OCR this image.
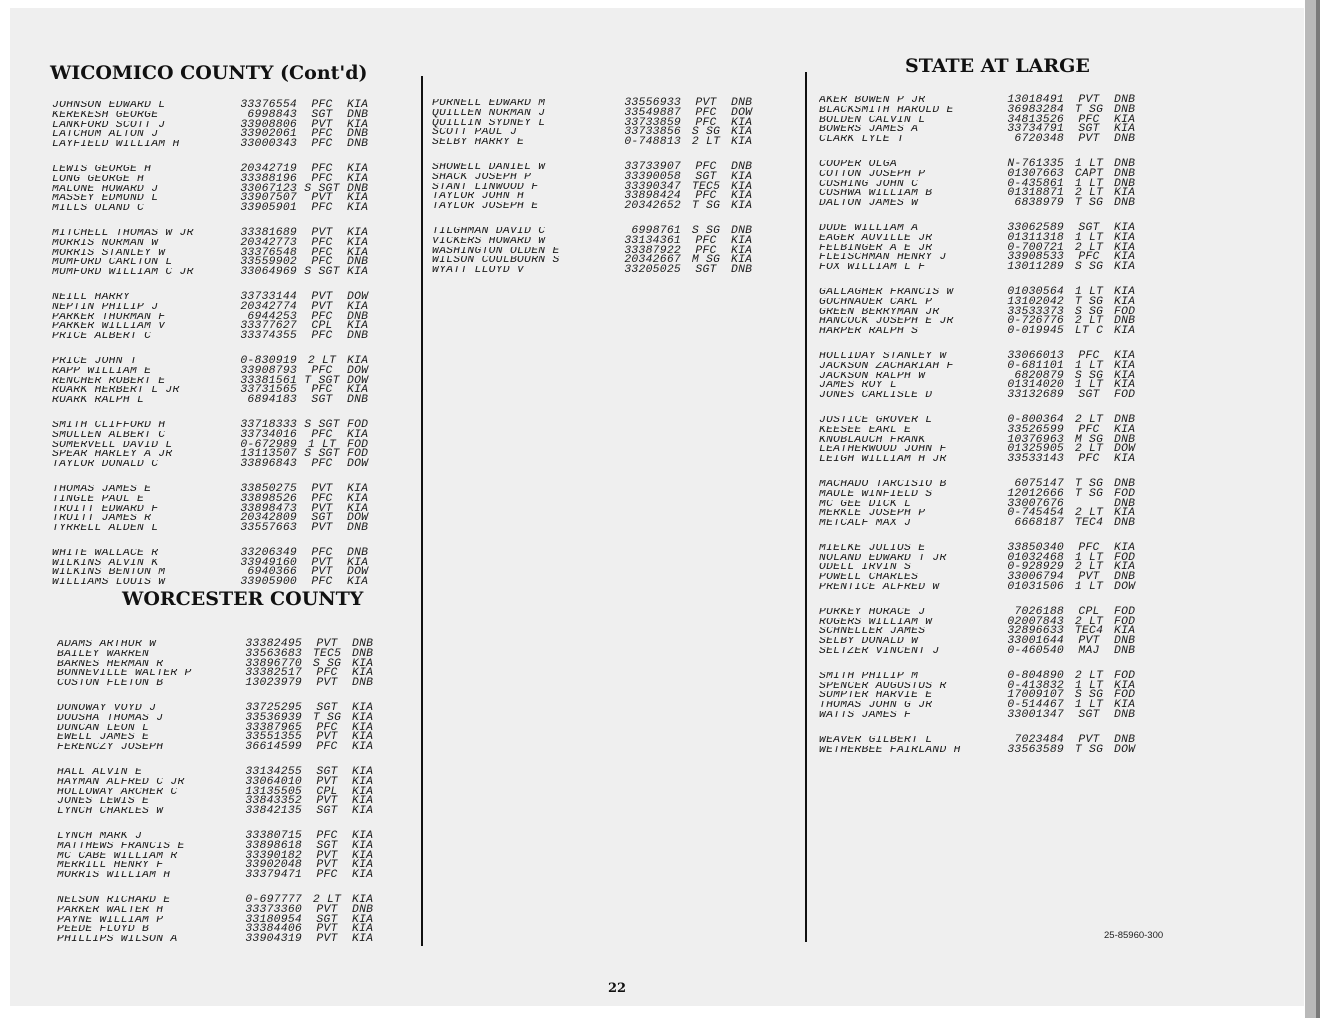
WICOMICO COUNTY (Cont'd)
JOHNSON EDWARD L	33376554	PFC	KIA
KEREKESH GEORGE	6998843	SGT	DNB
LANKFORD SCOTT J	33908806	PVT	KIA
LATCHUM ALTON J	33902061	PFC	DNB
LAYFIELD WILLIAM H	33000343	PFC	DNB
LEWIS GEORGE H	20342719	PFC	KIA
LONG GEORGE H	33388196	PFC	KIA
MALONE HOWARD J	33067123 S SGT DNB
MASSEY EDMUND L	33907507	PVT	KIA
MILLS OLAND C	33905901	PFC	KIA
MITCHELL THOMAS W JR	33381689	PVT	KIA
MORRIS NORMAN W	20342773	PFC	KIA
MORRIS STANLEY W	33376548	PFC	KIA
MUMFORD CARLTON L	33559902	PFC	DNB
MUMFORD WILLIAM C JR	33064969 S SGT KIA
NEILL HARRY	33733144	PVT	DOW
NEPTIN PHILIP J	20342774	PVT	KIA
PARKER THURMAN F	6944253	PFC	DNB
PARKER WILLIAM V	33377627	CPL	KIA
PRICE ALBERT C	33374355	PFC	DNB
PRICE JOHN T	0-830919 2 LT KIA
RAPP WILLIAM E	33908793	PFC	DOW
RENCHER ROBERT E	33381561 T SGT DOW
RUARK HERBERT L JR	33731565	PFC	KIA
RUARK RALPH L	6894183	SGT	DNB
SMITH CLIFFORD H	33718333 S SGT FOD
SMULLEN ALBERT C	33734016	PFC	KIA
SOMERVELL DAVID L	0-672989 1 LT FOD
SPEAR HARLEY A JR	13113507 S SGT FOD
TAYLOR DONALD C	33896843	PFC	DOW
THOMAS JAMES E	33850275	PVT	KIA
TINGLE PAUL E	33898526	PFC	KIA
TRUITT EDWARD F	33898473	PVT	KIA
TRUITT JAMES R	20342809	SGT	DOW
TYRRELL ALDEN L	33557663	PVT	DNB
WHITE WALLACE R	33206349	PFC	DNB
WILKINS ALVIN K	33949160	PVT	KIA
WILKINS BENTON M	6940366	PVT	DOW
WILLIAMS LOUIS W	33905900	PFC	KIA
WORCESTER COUNTY
ADAMS ARTHUR W	33382495	PVT	DNB
BAILEY WARREN	33563683 TEC5 DNB
BARNES HERMAN R	33896770 S SG KIA
BONNEVILLE WALTER P	33382517	PFC	KIA
COSTON FLETON B	13023979	PVT	DNB
DONOWAY VOYD J	33725295	SGT	KIA
DOUSHA THOMAS J	33536939 T SG KIA
DUNCAN LEON L	33387965	PFC	KIA
EWELL JAMES E	33551355	PVT	KIA
FERENCZY JOSEPH	36614599	PFC	KIA
HALL ALVIN E	33134255	SGT	KIA
HAYMAN ALFRED C JR	33064010	PVT	KIA
HOLLOWAY ARCHER C	13135505	CPL	KIA
JONES LEWIS E	33843352	PVT	KIA
LYNCH CHARLES W	33842135	SGT	KIA
LYNCH MARK J	33380715	PFC	KIA
MATTHEWS FRANCIS E	33898618	SGT	KIA
MC CABE WILLIAM R	33390182	PVT	KIA
MERRILL HENRY F	33902048	PVT	KIA
MORRIS WILLIAM H	33379471	PFC	KIA
NELSON RICHARD E	0-697777 2 LT KIA
PARKER WALTER H	33373360	PVT	DNB
PAYNE WILLIAM P	33180954	SGT	KIA
PEEDE FLOYD B	33384406	PVT	KIA
PHILLIPS WILSON A	33904319	PVT	KIA
PURNELL EDWARD M	33556933	PVT	DNB
QUILLEN NORMAN J	33549887	PFC	DOW
QUILLIN SYDNEY L	33733859	PFC	KIA
SCOTT PAUL J	33733856 S SG KIA
SELBY HARRY E	0-748813 2 LT KIA
SHOWELL DANIEL W	33733907	PFC	DNB
SHACK JOSEPH P	33390058	SGT	KIA
STANT LINWOOD F	33390347 TEC5 KIA
TAYLOR JOHN H	33898424	PFC	KIA
TAYLOR JOSEPH E	20342652 T SG KIA
TILGHMAN DAVID C	6998761 S SG DNB
VICKERS HOWARD W	33134361	PFC	KIA
WASHINGTON OLDEN E	33387922	PFC	KIA
WILSON COULBOURN S	20342667 M SG KIA
WYATT LLOYD V	33205025	SGT	DNB
STATE AT LARGE
AKER BOWEN P JR	13018491	PVT	DNB
BLACKSMITH HAROLD E	36983284 T SG DNB
BOLDEN CALVIN L	34813526	PFC	KIA
BOWERS JAMES A	33734791	SGT	KIA
CLARK LYLE T	6720348	PVT	DNB
COOPER OLGA	N-761335 1 LT DNB
COTTON JOSEPH P	01307663 CAPT DNB
CUSHING JOHN C	0-435861 1 LT DNB
CUSHWA WILLIAM B	01318871 2 LT KIA
DALTON JAMES W	6838979 T SG DNB
DUDE WILLIAM A	33062589	SGT	KIA
EAGER AUVILLE JR	01311318 1 LT KIA
FELBINGER A E JR	0-700721 2 LT KIA
FLEISCHMAN HENRY J	33908533	PFC	KIA
FOX WILLIAM L F	13011289 S SG KIA
GALLAGHER FRANCIS W	01030564 1 LT KIA
GOCHNAUER CARL P	13102042 T SG KIA
GREEN BERRYMAN JR	33533373 S SG FOD
HANCOCK JOSEPH E JR	0-726776 2 LT DNB
HARPER RALPH S	0-019945 LT C KIA
HOLLIDAY STANLEY W	33066013	PFC	KIA
JACKSON ZACHARIAH F	0-681101 1 LT KIA
JACKSON RALPH W	6820879 S SG KIA
JAMES ROY L	01314020 1 LT KIA
JONES CARLISLE D	33132689	SGT	FOD
JUSTICE GROVER L	0-800364 2 LT DNB
KEESEE EARL E	33526599	PFC	KIA
KNOBLAUCH FRANK	10376963 M SG DNB
LEATHERWOOD JOHN F	01325905 2 LT DOW
LEIGH WILLIAM H JR	33533143	PFC	KIA
MACHADO TARCISIO B	6075147 T SG DNB
MAULE WINFIELD S	12012666 T SG FOD
MC GEE DICK L	33007676	DNB
MERKLE JOSEPH P	0-745454 2 LT KIA
METCALF MAX J	6668187 TEC4 DNB
MIELKE JULIUS E	33850340	PFC	KIA
NOLAND EDWARD T JR	01032468 1 LT FOD
ODELL IRVIN S	0-928929 2 LT KIA
POWELL CHARLES	33006794	PVT	DNB
PRENTICE ALFRED W	01031506 1 LT DOW
PURKEY HORACE J	7026188	CPL	FOD
ROGERS WILLIAM W	02007843 2 LT FOD
SCHNELLER JAMES	32896633 TEC4 KIA
SELBY DONALD W	33001644	PVT	DNB
SELTZER VINCENT J	0-460540	MAJ	DNB
SMITH PHILIP M	0-804890 2 LT FOD
SPENCER AUGUSTUS R	0-413832 1 LT KIA
SUMPTER HARVIE E	17009107 S SG FOD
THOMAS JOHN G JR	0-514467 1 LT KIA
WATTS JAMES F	33001347	SGT	DNB
WEAVER GILBERT L	7023484	PVT	DNB
WETHERBEE FAIRLAND H	33563589 T SG DOW
25-85960-300
22
